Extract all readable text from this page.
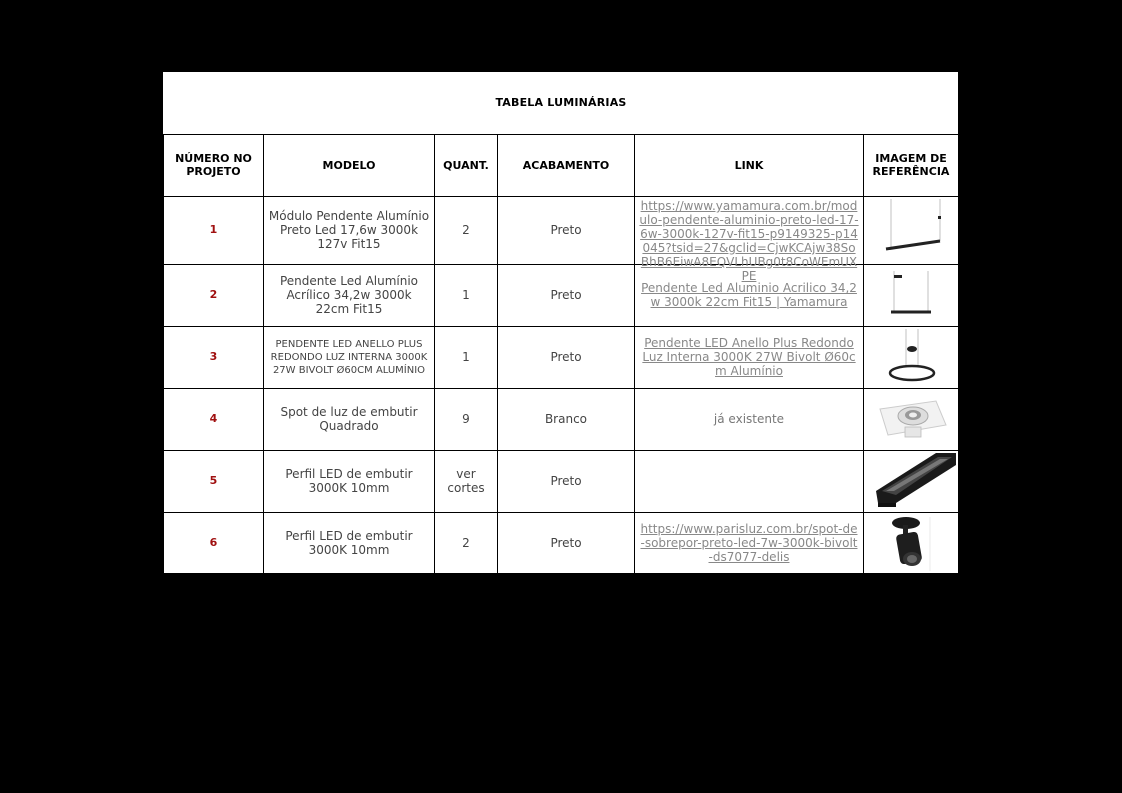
TABELA LUMINÁRIAS					
NÚMERO NO PROJETO	MODELO	QUANT.	ACABAMENTO	LINK	IMAGEM DE REFERÊNCIA
1	Módulo Pendente Alumínio Preto Led 17,6w 3000k 127v Fit15	2	Preto	https://www.yamamura.com.br/modulo-pendente-aluminio-preto-led-17-6w-3000k-127v-fit15-p9149325-p14045?tsid=27&gclid=CjwKCAjw38SoBhB6EiwA8EQVLhUBg0t8CoWEmUXPE

2	Pendente Led Alumínio Acrílico 34,2w 3000k 22cm Fit15	1	Preto	Pendente Led Aluminio Acrilico 34,2w 3000k 22cm Fit15 | Yamamura	

3	PENDENTE LED ANELLO PLUS REDONDO LUZ INTERNA 3000K 27W BIVOLT Ø60CM ALUMÍNIO	1	Preto	Pendente LED Anello Plus Redondo Luz Interna 3000K 27W Bivolt Ø60cm Alumínio	

4	Spot de luz de embutir Quadrado	9	Branco	já existente	

5	Perfil LED de embutir 3000K 10mm	ver cortes	Preto		

6	Perfil LED de embutir 3000K 10mm	2	Preto	https://www.parisluz.com.br/spot-de-sobrepor-preto-led-7w-3000k-bivolt-ds7077-delis	
